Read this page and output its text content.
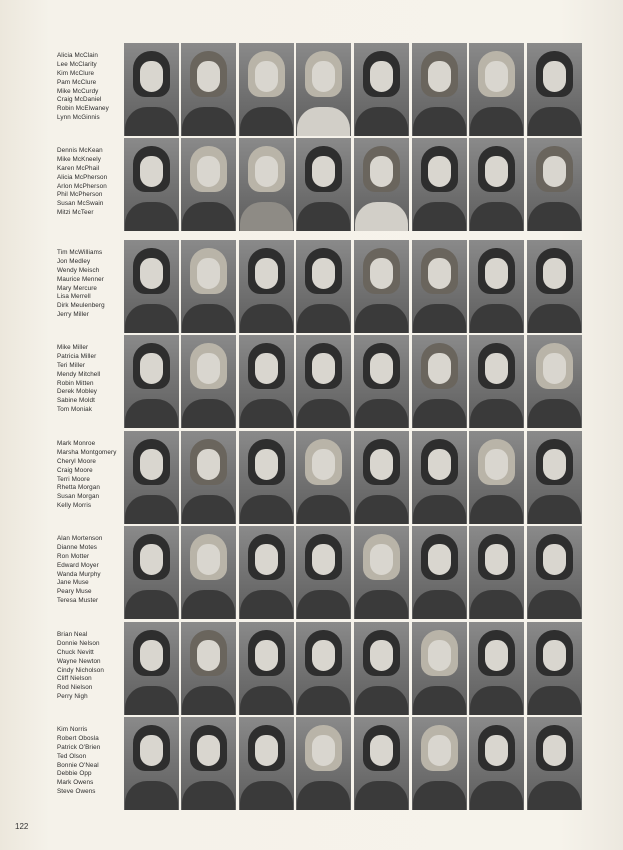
Alicia McClain
Lee McClarity
Kim McClure
Pam McClure
Mike McCurdy
Craig McDaniel
Robin McElwaney
Lynn McGinnis
Dennis McKean
Mike McKneely
Karen McPhail
Alicia McPherson
Arlon McPherson
Phil McPherson
Susan McSwain
Mitzi McTeer
Tim McWilliams
Jon Medley
Wendy Meisch
Maurice Menner
Mary Mercure
Lisa Merrell
Dirk Meulenberg
Jerry Miller
Mike Miller
Patricia Miller
Teri Miller
Mendy Mitchell
Robin Mitten
Derek Mobley
Sabine Moldt
Tom Moniak
Mark Monroe
Marsha Montgomery
Cheryl Moore
Craig Moore
Terri Moore
Rhetta Morgan
Susan Morgan
Kelly Morris
Alan Mortenson
Dianne Motes
Ron Motter
Edward Moyer
Wanda Murphy
Jane Muse
Peary Muse
Teresa Muster
Brian Neal
Donnie Nelson
Chuck Nevitt
Wayne Newton
Cindy Nicholson
Cliff Nielson
Rod Nielson
Perry Nigh
Kim Norris
Robert Obosla
Patrick O'Brien
Ted Olson
Bonnie O'Neal
Debbie Opp
Mark Owens
Steve Owens
122
